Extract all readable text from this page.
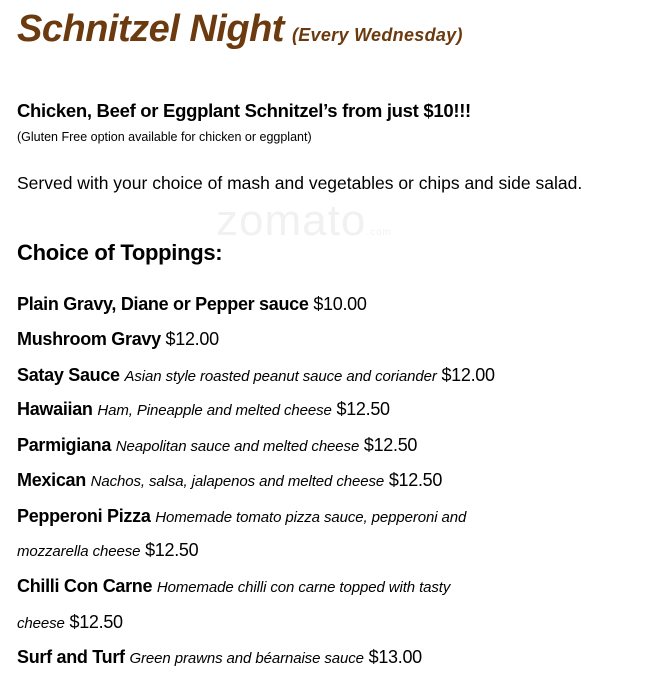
zomato.com
Schnitzel Night (Every Wednesday)
Chicken, Beef or Eggplant Schnitzel’s from just $10!!!
(Gluten Free option available for chicken or eggplant)
Served with your choice of mash and vegetables or chips and side salad.
Choice of Toppings:
Plain Gravy, Diane or Pepper sauce $10.00
Mushroom Gravy $12.00
Satay Sauce Asian style roasted peanut sauce and coriander $12.00
Hawaiian Ham, Pineapple and melted cheese $12.50
Parmigiana Neapolitan sauce and melted cheese $12.50
Mexican Nachos, salsa, jalapenos and melted cheese $12.50
Pepperoni Pizza Homemade tomato pizza sauce, pepperoni and
mozzarella cheese $12.50
Chilli Con Carne Homemade chilli con carne topped with tasty
cheese $12.50
Surf and Turf Green prawns and béarnaise sauce $13.00
